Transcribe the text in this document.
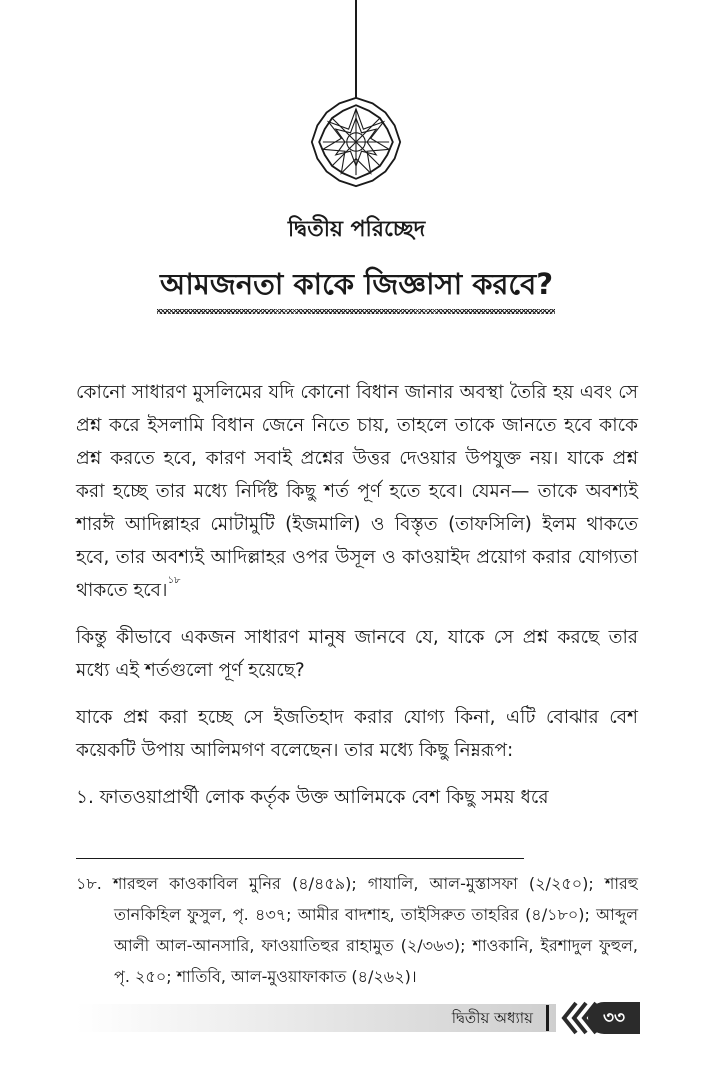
দ্বিতীয় পরিচ্ছেদ
আমজনতা কাকে জিজ্ঞাসা করবে?

কোনো সাধারণ মুসলিমের যদি কোনো বিধান জানার অবস্থা তৈরি হয় এবং সে প্রশ্ন করে ইসলামি বিধান জেনে নিতে চায়, তাহলে তাকে জানতে হবে কাকে প্রশ্ন করতে হবে, কারণ সবাই প্রশ্নের উত্তর দেওয়ার উপযুক্ত নয়। যাকে প্রশ্ন করা হচ্ছে তার মধ্যে নির্দিষ্ট কিছু শর্ত পূর্ণ হতে হবে। যেমন— তাকে অবশ্যই শারঈ আদিল্লাহর মোটামুটি (ইজমালি) ও বিস্তৃত (তাফসিলি) ইলম থাকতে হবে, তার অবশ্যই আদিল্লাহর ওপর উসূল ও কাওয়াইদ প্রয়োগ করার যোগ্যতা থাকতে হবে।$^{১৮}$

কিন্তু কীভাবে একজন সাধারণ মানুষ জানবে যে, যাকে সে প্রশ্ন করছে তার মধ্যে এই শর্তগুলো পূর্ণ হয়েছে?

যাকে প্রশ্ন করা হচ্ছে সে ইজতিহাদ করার যোগ্য কিনা, এটি বোঝার বেশ কয়েকটি উপায় আলিমগণ বলেছেন। তার মধ্যে কিছু নিম্নরূপ:

১. ফাতওয়াপ্রার্থী লোক কর্তৃক উক্ত আলিমকে বেশ কিছু সময় ধরে

১৮. শারহুল কাওকাবিল মুনির (৪/৪৫৯); গাযালি, আল-মুস্তাসফা (২/২৫০); শারহু তানকিহিল ফুসুল, পৃ. ৪৩৭; আমীর বাদশাহ, তাইসিরুত তাহরির (৪/১৮০); আব্দুল আলী আল-আনসারি, ফাওয়াতিহুর রাহামুত (২/৩৬৩); শাওকানি, ইরশাদুল ফুহুল, পৃ. ২৫০; শাতিবি, আল-মুওয়াফাকাত (৪/২৬২)।

দ্বিতীয় অধ্যায়	৩৩
